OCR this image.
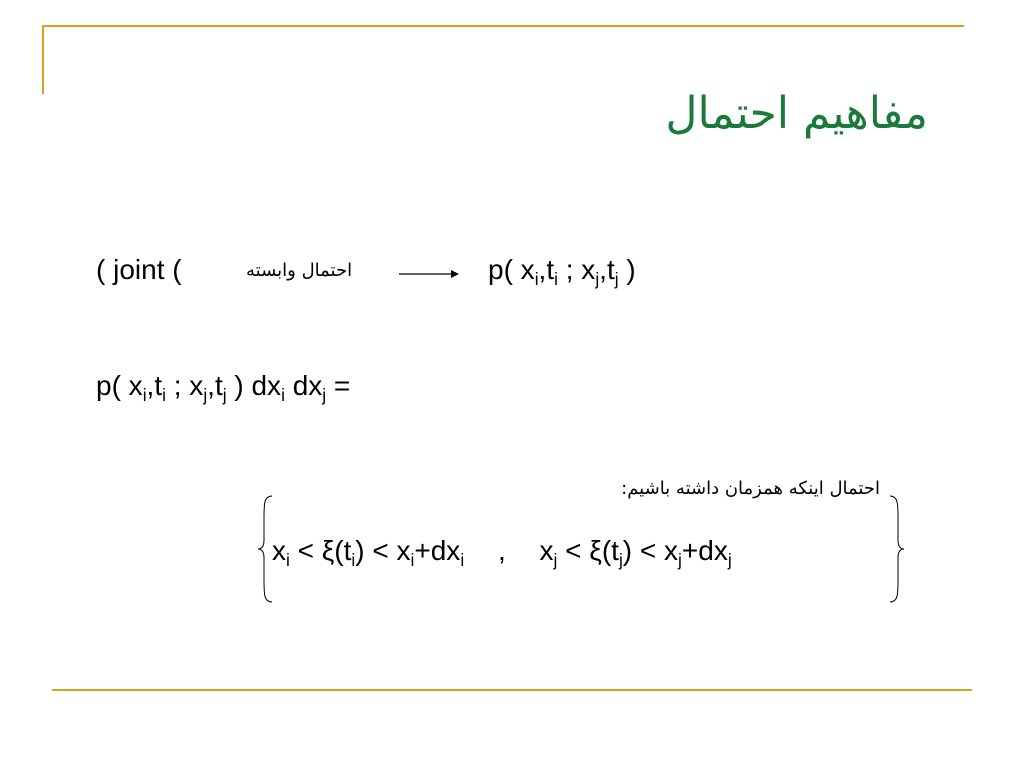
مفاهیم احتمال
( joint (	احتمال وابسته	p( $x_i,t_i$ ; $x_j,t_j$ )
p( $x_i,t_i$ ; $x_j,t_j$ ) $dx_i$ $dx_j$ =
احتمال اینکه همزمان داشته باشیم:
$x_i < \xi(t_i) < x_i+dx_i$ , $x_j < \xi(t_j) < x_j+dx_j$
